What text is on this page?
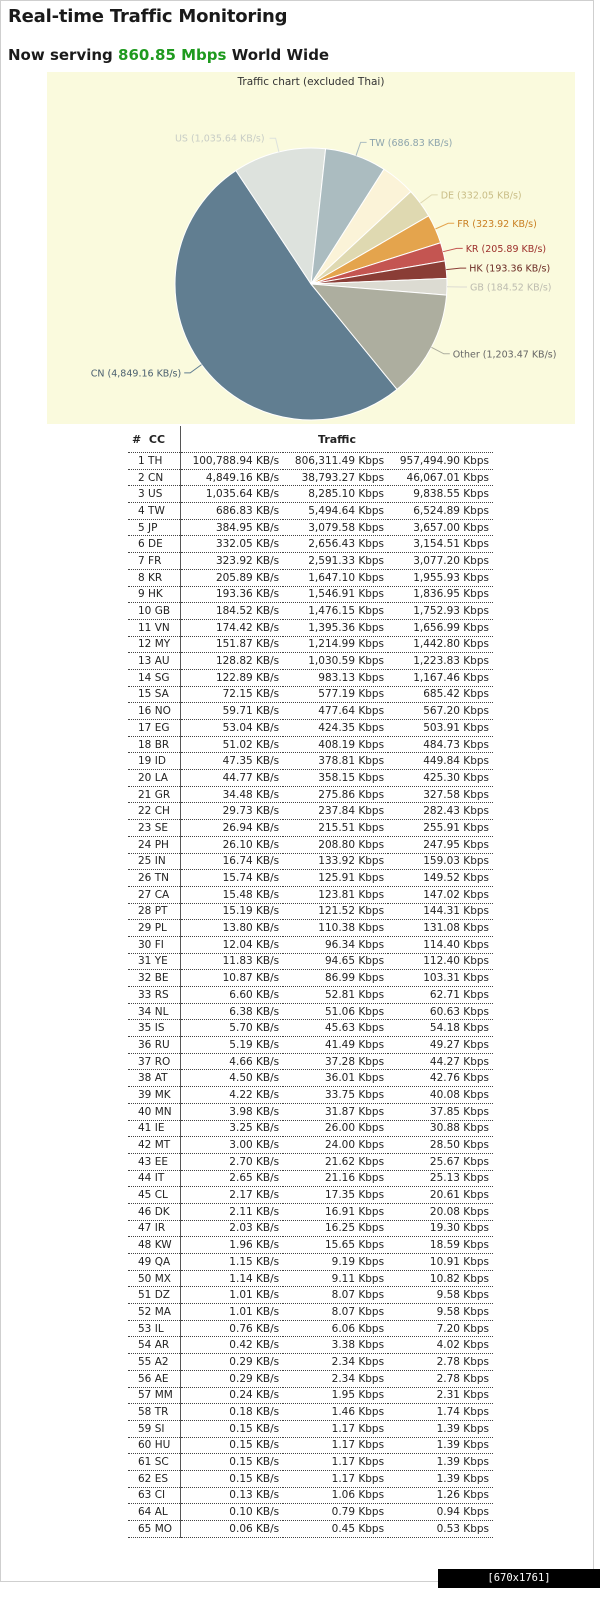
Real-time Traffic Monitoring

Now serving 860.85 Mbps World Wide

Traffic chart (excluded Thai)
CN (4,849.16 KB/s)
US (1,035.64 KB/s)	TW (686.83 KB/s)
DE (332.05 KB/s)
FR (323.92 KB/s)
KR (205.89 KB/s)
HK (193.36 KB/s)
GB (184.52 KB/s)
Other (1,203.47 KB/s)
# CC	Traffic		
1 TH	100,788.94 KB/s	806,311.49 Kbps	957,494.90 Kbps
2 CN	4,849.16 KB/s	38,793.27 Kbps	46,067.01 Kbps
3 US	1,035.64 KB/s	8,285.10 Kbps	9,838.55 Kbps
4 TW	686.83 KB/s	5,494.64 Kbps	6,524.89 Kbps
5 JP	384.95 KB/s	3,079.58 Kbps	3,657.00 Kbps
6 DE	332.05 KB/s	2,656.43 Kbps	3,154.51 Kbps
7 FR	323.92 KB/s	2,591.33 Kbps	3,077.20 Kbps
8 KR	205.89 KB/s	1,647.10 Kbps	1,955.93 Kbps
9 HK	193.36 KB/s	1,546.91 Kbps	1,836.95 Kbps
10 GB	184.52 KB/s	1,476.15 Kbps	1,752.93 Kbps
11 VN	174.42 KB/s	1,395.36 Kbps	1,656.99 Kbps
12 MY	151.87 KB/s	1,214.99 Kbps	1,442.80 Kbps
13 AU	128.82 KB/s	1,030.59 Kbps	1,223.83 Kbps
14 SG	122.89 KB/s	983.13 Kbps	1,167.46 Kbps
15 SA	72.15 KB/s	577.19 Kbps	685.42 Kbps
16 NO	59.71 KB/s	477.64 Kbps	567.20 Kbps
17 EG	53.04 KB/s	424.35 Kbps	503.91 Kbps
18 BR	51.02 KB/s	408.19 Kbps	484.73 Kbps
19 ID	47.35 KB/s	378.81 Kbps	449.84 Kbps
20 LA	44.77 KB/s	358.15 Kbps	425.30 Kbps
21 GR	34.48 KB/s	275.86 Kbps	327.58 Kbps
22 CH	29.73 KB/s	237.84 Kbps	282.43 Kbps
23 SE	26.94 KB/s	215.51 Kbps	255.91 Kbps
24 PH	26.10 KB/s	208.80 Kbps	247.95 Kbps
25 IN	16.74 KB/s	133.92 Kbps	159.03 Kbps
26 TN	15.74 KB/s	125.91 Kbps	149.52 Kbps
27 CA	15.48 KB/s	123.81 Kbps	147.02 Kbps
28 PT	15.19 KB/s	121.52 Kbps	144.31 Kbps
29 PL	13.80 KB/s	110.38 Kbps	131.08 Kbps
30 FI	12.04 KB/s	96.34 Kbps	114.40 Kbps
31 YE	11.83 KB/s	94.65 Kbps	112.40 Kbps
32 BE	10.87 KB/s	86.99 Kbps	103.31 Kbps
33 RS	6.60 KB/s	52.81 Kbps	62.71 Kbps
34 NL	6.38 KB/s	51.06 Kbps	60.63 Kbps
35 IS	5.70 KB/s	45.63 Kbps	54.18 Kbps
36 RU	5.19 KB/s	41.49 Kbps	49.27 Kbps
37 RO	4.66 KB/s	37.28 Kbps	44.27 Kbps
38 AT	4.50 KB/s	36.01 Kbps	42.76 Kbps
39 MK	4.22 KB/s	33.75 Kbps	40.08 Kbps
40 MN	3.98 KB/s	31.87 Kbps	37.85 Kbps
41 IE	3.25 KB/s	26.00 Kbps	30.88 Kbps
42 MT	3.00 KB/s	24.00 Kbps	28.50 Kbps
43 EE	2.70 KB/s	21.62 Kbps	25.67 Kbps
44 IT	2.65 KB/s	21.16 Kbps	25.13 Kbps
45 CL	2.17 KB/s	17.35 Kbps	20.61 Kbps
46 DK	2.11 KB/s	16.91 Kbps	20.08 Kbps
47 IR	2.03 KB/s	16.25 Kbps	19.30 Kbps
48 KW	1.96 KB/s	15.65 Kbps	18.59 Kbps
49 QA	1.15 KB/s	9.19 Kbps	10.91 Kbps
50 MX	1.14 KB/s	9.11 Kbps	10.82 Kbps
51 DZ	1.01 KB/s	8.07 Kbps	9.58 Kbps
52 MA	1.01 KB/s	8.07 Kbps	9.58 Kbps
53 IL	0.76 KB/s	6.06 Kbps	7.20 Kbps
54 AR	0.42 KB/s	3.38 Kbps	4.02 Kbps
55 A2	0.29 KB/s	2.34 Kbps	2.78 Kbps
56 AE	0.29 KB/s	2.34 Kbps	2.78 Kbps
57 MM	0.24 KB/s	1.95 Kbps	2.31 Kbps
58 TR	0.18 KB/s	1.46 Kbps	1.74 Kbps
59 SI	0.15 KB/s	1.17 Kbps	1.39 Kbps
60 HU	0.15 KB/s	1.17 Kbps	1.39 Kbps
61 SC	0.15 KB/s	1.17 Kbps	1.39 Kbps
62 ES	0.15 KB/s	1.17 Kbps	1.39 Kbps
63 CI	0.13 KB/s	1.06 Kbps	1.26 Kbps
64 AL	0.10 KB/s	0.79 Kbps	0.94 Kbps
65 MO	0.06 KB/s	0.45 Kbps	0.53 Kbps
[670x1761] http://upic.me/
